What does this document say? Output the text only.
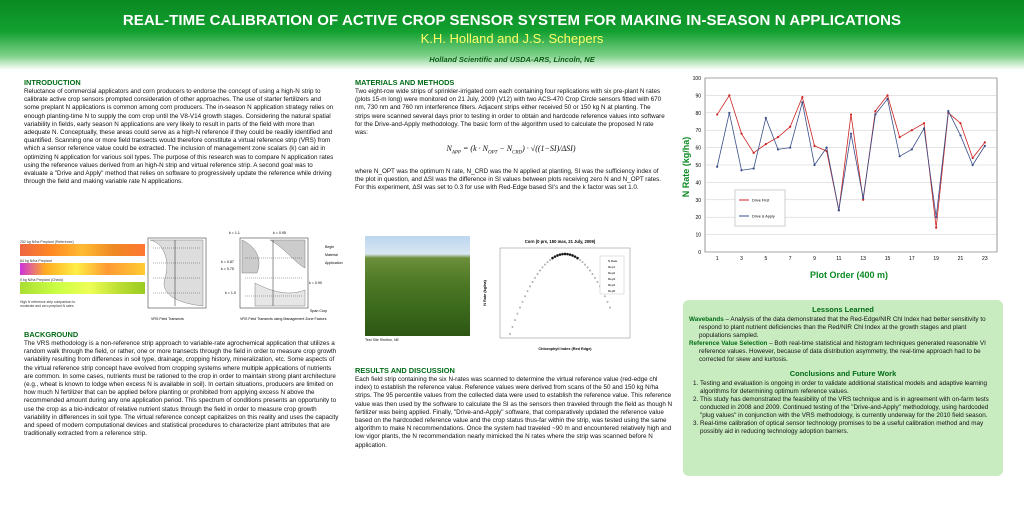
REAL-TIME CALIBRATION OF ACTIVE CROP SENSOR SYSTEM FOR MAKING IN-SEASON N APPLICATIONS
K.H. Holland and J.S. Schepers
Holland Scientific and USDA-ARS, Lincoln, NE
INTRODUCTION

Reluctance of commercial applicators and corn producers to endorse the concept of using a high-N strip to calibrate active crop sensors prompted consideration of other approaches. The use of starter fertilizers and some preplant N applications is common among corn producers. The in-season N application strategy relies on enough planting-time N to supply the corn crop until the V8-V14 growth stages. Considering the natural spatial variability in fields, early season N applications are very likely to result in parts of the field with more than adequate N. Conceptually, these areas could serve as a high-N reference if they could be readily identified and quantified. Scanning one or more field transects would therefore constitute a virtual reference strip (VRS) from which a sensor reference value could be extracted. The inclusion of management zone scalars (k) can aid in optimizing N application for various soil types. The purpose of this research was to compare N application rates using the reference values derived from an high-N strip and virtual reference strip. A second goal was to evaluate a "Drive and Apply" method that relies on software to progressively update the reference while driving through the field and making variable rate N applications.

252 kg N/ha Preplant (Reference)
84 kg N/ha Preplant
0 kg N/ha Preplant (Check)
High N reference strip comparison to moderate and zero preplant N rates
k = 1.1	k = 0.95
k = 0.87
k = 0.75
k = 1.0
k = 0.90
Begin
Material
Application
Span Crop
VRS Field Transects	VRS Field Transects using Management Zone Factors
BACKGROUND

The VRS methodology is a non-reference strip approach to variable-rate agrochemical application that utilizes a random walk through the field, or rather, one or more transects through the field in order to measure crop growth variability resulting from differences in soil type, drainage, cropping history, mineralization, etc. Some aspects of the virtual reference strip concept have evolved from cropping systems where multiple applications of nutrients are common. In some cases, nutrients must be rationed to the crop in order to maintain strong plant architecture (e.g., wheat is known to lodge when excess N is available in soil). In certain situations, producers are limited on how much N fertilizer that can be applied before planting or prohibited from applying excess N above the recommended amount during any one application period. This spectrum of conditions presents an opportunity to use the crop as a bio-indicator of relative nutrient status through the field in order to measure crop growth variability in differences in soil type. The virtual reference concept capitalizes on this reality and uses the capacity and speed of modern computational devices and statistical procedures to characterize plant attributes that are traditionally extracted from a reference strip.

MATERIALS AND METHODS

Two eight-row wide strips of sprinkler-irrigated corn each containing four replications with six pre-plant N rates (plots 15-m long) were monitored on 21 July, 2009 (V12) with two ACS-470 Crop Circle sensors fitted with 670 nm, 730 nm and 760 nm interference filters. Adjacent strips either received 50 or 150 kg N at planting. The strips were scanned several days prior to testing in order to obtain and hardcode reference values into software for the Drive-and-Apply methodology. The basic form of the algorithm used to calculate the proposed N rate was:

$N_{APP} = (k \cdot N_{OPT} - N_{CRD}) \cdot √((1-SI)/\Delta SI)$

where N_OPT was the optimum N rate, N_CRD was the N applied at planting, SI was the sufficiency index of the plot in question, and ΔSI was the difference in SI values between plots receiving zero N and N_OPT rates. For this experiment, ΔSI was set to 0.3 for use with Red-Edge based SI's and the k factor was set 1.0.

Test Site Shelton, NE
Corn (0 prs, 150 mas, 21 July, 2009)
N Rate
Rep1
Rep2
Rep3
Rep4
Rep5
Chlorophyll Index (Red Edge)
N Rate (kg/ha)
RESULTS AND DISCUSSION

Each field strip containing the six N-rates was scanned to determine the virtual reference value (red-edge chl index) to establish the reference value. Reference values were derived from scans of the 50 and 150 kg N/ha strips. The 95 percentile values from the collected data were used to establish the reference value. This reference value was then used by the software to calculate the SI as the sensors then traveled through the field as though N fertilizer was being applied. Finally, "Drive-and-Apply" software, that comparatively updated the reference value based on the hardcoded reference value and the crop status thus-far within the strip, was tested using the same algorithm to make N recommendations. Once the system had traveled ~90 m and encountered relatively high and low vigor plants, the N recommendation nearly mimicked the N rates where the strip was scanned before N application.

0
10
20
30
40
50
60
70
80
90
100
1	3	5	7	9	11	13	15	17	19	21	23
Drive First
Drive & Apply
Plot Order (400 m)
N Rate (kg/ha)
Lessons Learned

Wavebands – Analysis of the data demonstrated that the Red-Edge/NIR Chl Index had better sensitivity to respond to plant nutrient deficiencies than the Red/NIR Chl Index at the growth stages and plant populations sampled.

Reference Value Selection – Both real-time statistical and histogram techniques generated reasonable VI reference values. However, because of data distribution asymmetry, the real-time approach had to be corrected for skew and kurtosis.

Conclusions and Future Work
1. Testing and evaluation is ongoing in order to validate additional statistical models and adaptive learning algorithms for determining optimum reference values.
2. This study has demonstrated the feasibility of the VRS technique and is in agreement with on-farm tests conducted in 2008 and 2009. Continued testing of the "Drive-and-Apply" methodology, using hardcoded "plug values" in conjunction with the VRS methodology, is currently underway for the 2010 field season.
3. Real-time calibration of optical sensor technology promises to be a useful calibration method and may possibly aid in reducing technology adoption barriers.
